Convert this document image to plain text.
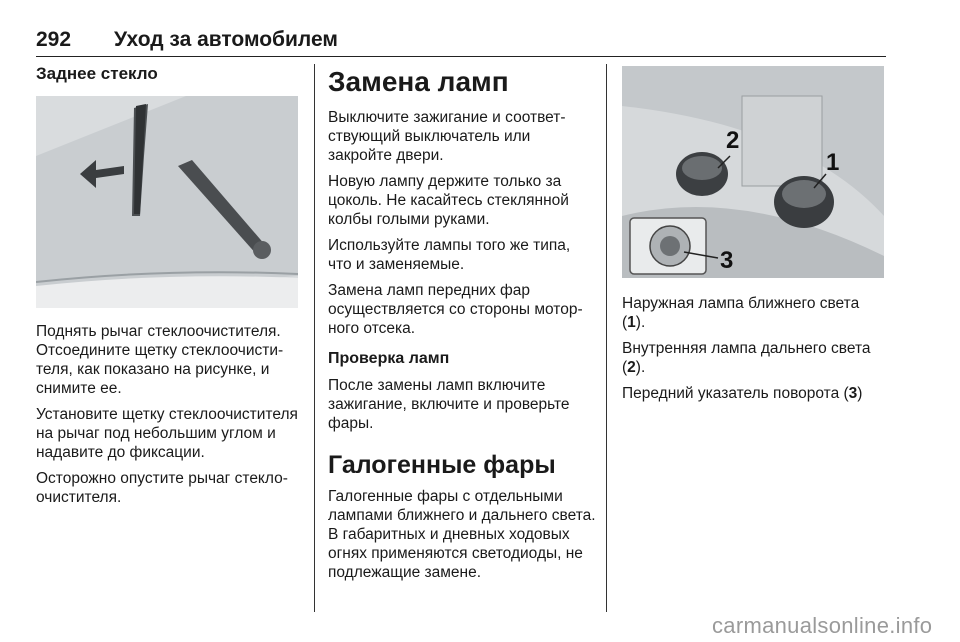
292 Уход за автомобилем
Заднее стекло

Поднять рычаг стеклоочистителя. Отсоедините щетку стеклоочистителя, как показано на рисунке, и снимите ее.

Установите щетку стеклоочистителя на рычаг под небольшим углом и надавите до фиксации.

Осторожно опустите рычаг стеклоочистителя.

Замена ламп

Выключите зажигание и соответствующий выключатель или закройте двери.

Новую лампу держите только за цоколь. Не касайтесь стеклянной колбы голыми руками.

Используйте лампы того же типа, что и заменяемые.

Замена ламп передних фар осуществляется со стороны моторного отсека.

Проверка ламп

После замены ламп включите зажигание, включите и проверьте фары.

Галогенные фары

Галогенные фары с отдельными лампами ближнего и дальнего света. В габаритных и дневных ходовых огнях применяются светодиоды, не подлежащие замене.

2
1
3

Наружная лампа ближнего света (1).

Внутренняя лампа дальнего света (2).

Передний указатель поворота (3)

carmanualsonline.info
